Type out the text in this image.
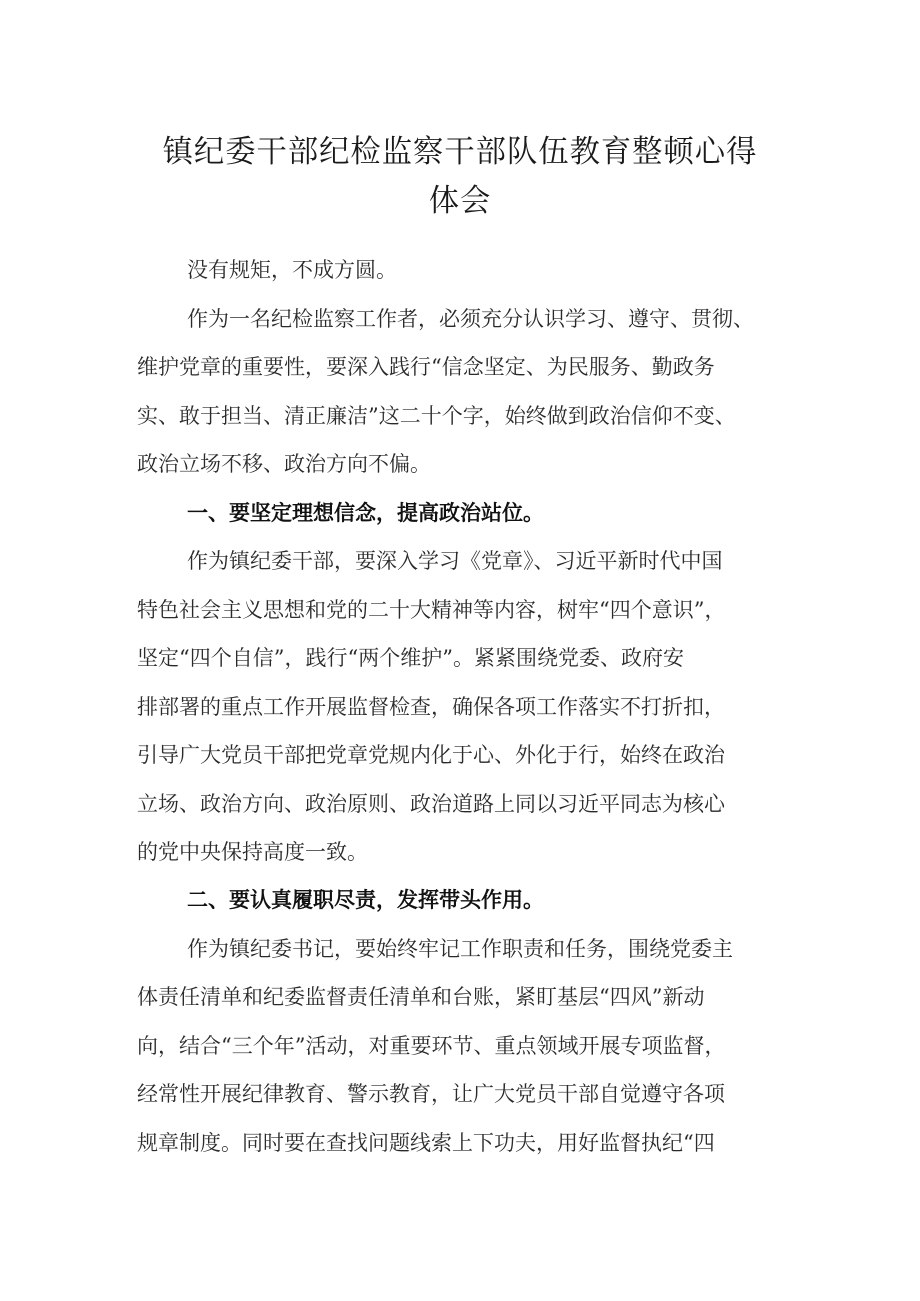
镇纪委干部纪检监察干部队伍教育整顿心得
体会
没有规矩，不成方圆。
作为一名纪检监察工作者，必须充分认识学习、遵守、贯彻、
维护党章的重要性，要深入践行“信念坚定、为民服务、勤政务
实、敢于担当、清正廉洁”这二十个字，始终做到政治信仰不变、
政治立场不移、政治方向不偏。
一、要坚定理想信念，提高政治站位。
作为镇纪委干部，要深入学习《党章》、习近平新时代中国
特色社会主义思想和党的二十大精神等内容，树牢“四个意识”，
坚定“四个自信”，践行“两个维护”。紧紧围绕党委、政府安
排部署的重点工作开展监督检查，确保各项工作落实不打折扣，
引导广大党员干部把党章党规内化于心、外化于行，始终在政治
立场、政治方向、政治原则、政治道路上同以习近平同志为核心
的党中央保持高度一致。
二、要认真履职尽责，发挥带头作用。
作为镇纪委书记，要始终牢记工作职责和任务，围绕党委主
体责任清单和纪委监督责任清单和台账，紧盯基层“四风”新动
向，结合“三个年”活动，对重要环节、重点领域开展专项监督，
经常性开展纪律教育、警示教育，让广大党员干部自觉遵守各项
规章制度。同时要在查找问题线索上下功夫，用好监督执纪“四
